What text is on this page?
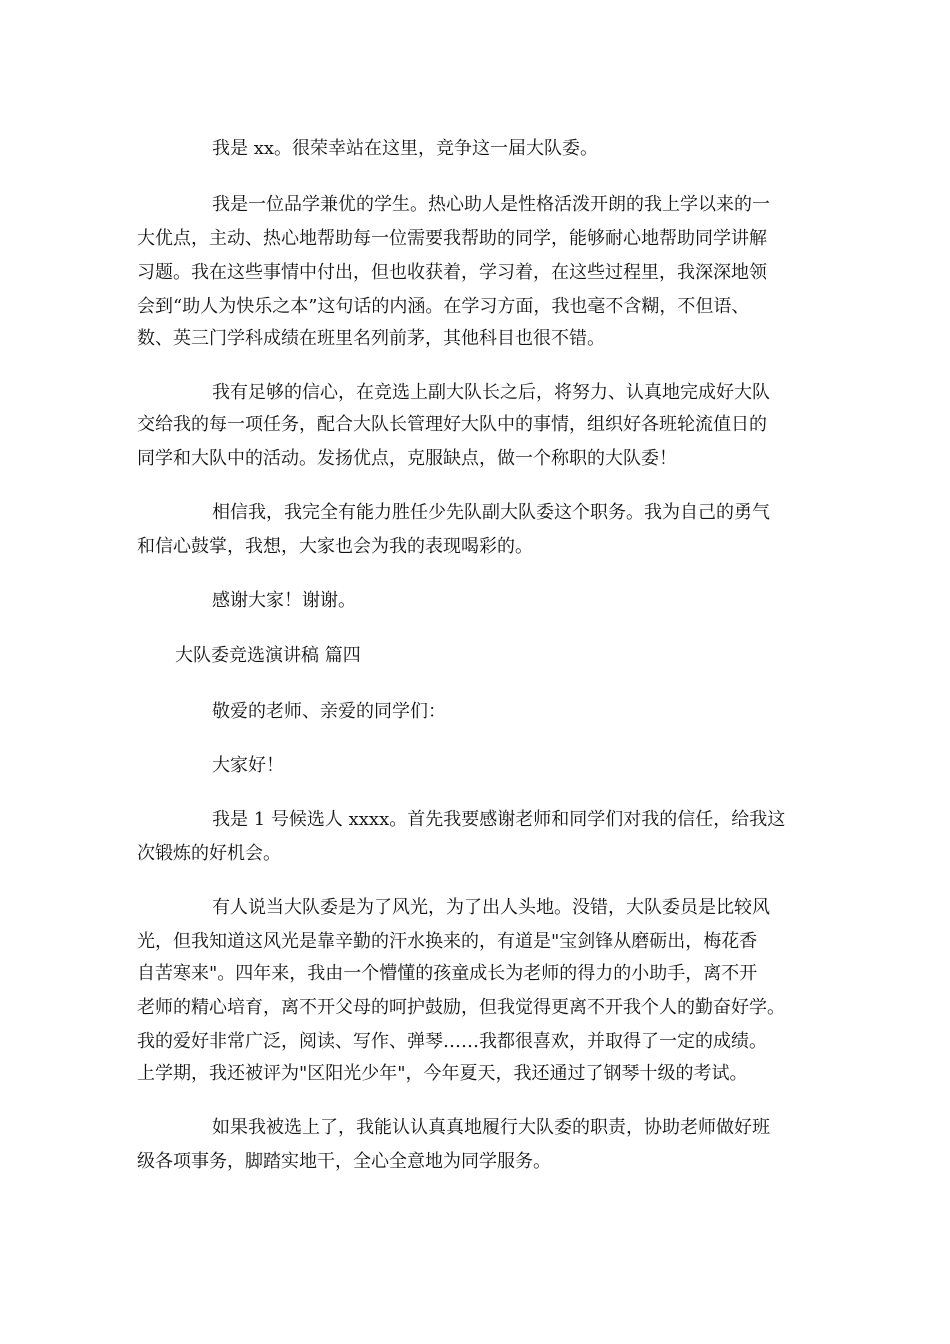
我是 xx。很荣幸站在这里，竞争这一届大队委。

我是一位品学兼优的学生。热心助人是性格活泼开朗的我上学以来的一

大优点，主动、热心地帮助每一位需要我帮助的同学，能够耐心地帮助同学讲解

习题。我在这些事情中付出，但也收获着，学习着，在这些过程里，我深深地领

会到“助人为快乐之本”这句话的内涵。在学习方面，我也毫不含糊，不但语、

数、英三门学科成绩在班里名列前茅，其他科目也很不错。

我有足够的信心，在竞选上副大队长之后，将努力、认真地完成好大队

交给我的每一项任务，配合大队长管理好大队中的事情，组织好各班轮流值日的

同学和大队中的活动。发扬优点，克服缺点，做一个称职的大队委！

相信我，我完全有能力胜任少先队副大队委这个职务。我为自己的勇气

和信心鼓掌，我想，大家也会为我的表现喝彩的。

感谢大家！谢谢。

大队委竞选演讲稿 篇四

敬爱的老师、亲爱的同学们：

大家好！

我是 1 号候选人 xxxx。首先我要感谢老师和同学们对我的信任，给我这

次锻炼的好机会。

有人说当大队委是为了风光，为了出人头地。没错，大队委员是比较风

光，但我知道这风光是靠辛勤的汗水换来的，有道是"宝剑锋从磨砺出，梅花香

自苦寒来"。四年来，我由一个懵懂的孩童成长为老师的得力的小助手，离不开

老师的精心培育，离不开父母的呵护鼓励，但我觉得更离不开我个人的勤奋好学。

我的爱好非常广泛，阅读、写作、弹琴……我都很喜欢，并取得了一定的成绩。

上学期，我还被评为"区阳光少年"，今年夏天，我还通过了钢琴十级的考试。

如果我被选上了，我能认认真真地履行大队委的职责，协助老师做好班

级各项事务，脚踏实地干，全心全意地为同学服务。
